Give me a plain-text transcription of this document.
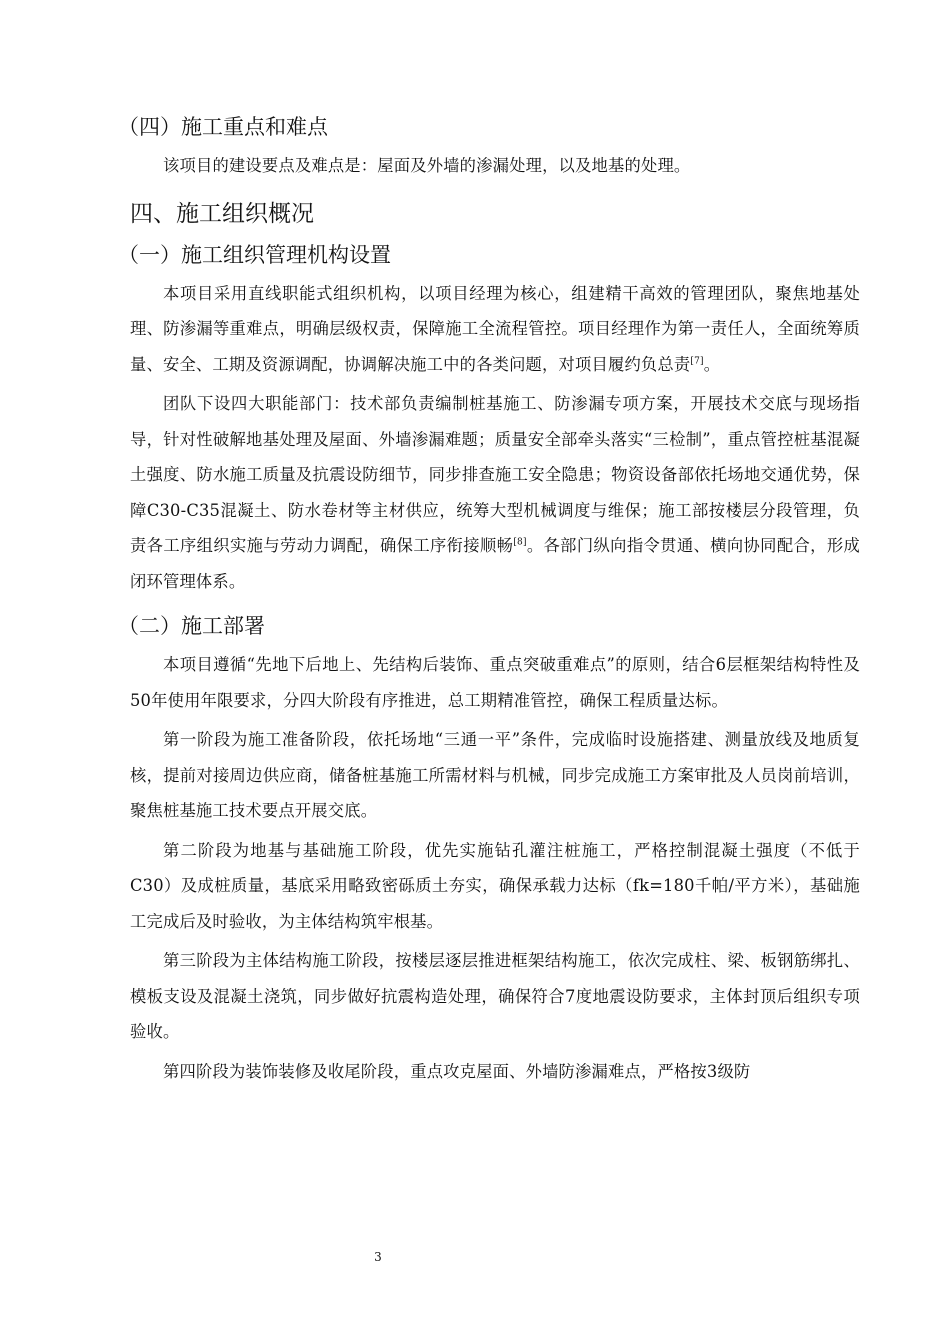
（四）施工重点和难点
该项目的建设要点及难点是：屋面及外墙的渗漏处理，以及地基的处理。
四、施工组织概况
（一）施工组织管理机构设置
本项目采用直线职能式组织机构，以项目经理为核心，组建精干高效的管理团队，聚焦地基处理、防渗漏等重难点，明确层级权责，保障施工全流程管控。项目经理作为第一责任人，全面统筹质量、安全、工期及资源调配，协调解决施工中的各类问题，对项目履约负总责[7]。
团队下设四大职能部门：技术部负责编制桩基施工、防渗漏专项方案，开展技术交底与现场指导，针对性破解地基处理及屋面、外墙渗漏难题；质量安全部牵头落实“三检制”，重点管控桩基混凝土强度、防水施工质量及抗震设防细节，同步排查施工安全隐患；物资设备部依托场地交通优势，保障C30-C35混凝土、防水卷材等主材供应，统筹大型机械调度与维保；施工部按楼层分段管理，负责各工序组织实施与劳动力调配，确保工序衔接顺畅[8]。各部门纵向指令贯通、横向协同配合，形成闭环管理体系。
（二）施工部署
本项目遵循“先地下后地上、先结构后装饰、重点突破重难点”的原则，结合6层框架结构特性及50年使用年限要求，分四大阶段有序推进，总工期精准管控，确保工程质量达标。
第一阶段为施工准备阶段，依托场地“三通一平”条件，完成临时设施搭建、测量放线及地质复核，提前对接周边供应商，储备桩基施工所需材料与机械，同步完成施工方案审批及人员岗前培训，聚焦桩基施工技术要点开展交底。
第二阶段为地基与基础施工阶段，优先实施钻孔灌注桩施工，严格控制混凝土强度（不低于C30）及成桩质量，基底采用略致密砾质土夯实，确保承载力达标（fk=180千帕/平方米），基础施工完成后及时验收，为主体结构筑牢根基。
第三阶段为主体结构施工阶段，按楼层逐层推进框架结构施工，依次完成柱、梁、板钢筋绑扎、模板支设及混凝土浇筑，同步做好抗震构造处理，确保符合7度地震设防要求，主体封顶后组织专项验收。
第四阶段为装饰装修及收尾阶段，重点攻克屋面、外墙防渗漏难点，严格按3级防
3
